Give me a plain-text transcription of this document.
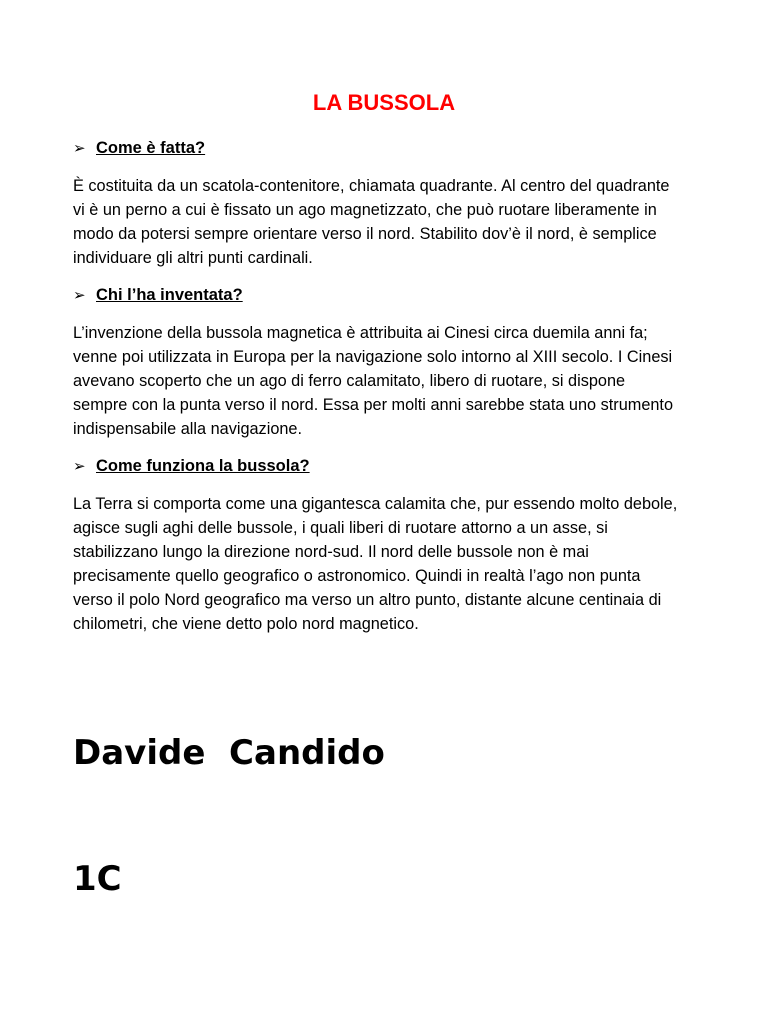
LA BUSSOLA
➢ Come è fatta?
È costituita da un scatola-contenitore, chiamata quadrante. Al centro del quadrante
vi è un perno a cui è fissato un ago magnetizzato, che può ruotare liberamente in
modo da potersi sempre orientare verso il nord. Stabilito dov’è il nord, è semplice
individuare gli altri punti cardinali.
➢ Chi l’ha inventata?
L’invenzione della bussola magnetica è attribuita ai Cinesi circa duemila anni fa;
venne poi utilizzata in Europa per la navigazione solo intorno al XIII secolo. I Cinesi
avevano scoperto che un ago di ferro calamitato, libero di ruotare, si dispone
sempre con la punta verso il nord. Essa per molti anni sarebbe stata uno strumento
indispensabile alla navigazione.
➢ Come funziona la bussola?
La Terra si comporta come una gigantesca calamita che, pur essendo molto debole,
agisce sugli aghi delle bussole, i quali liberi di ruotare attorno a un asse, si
stabilizzano lungo la direzione nord-sud. Il nord delle bussole non è mai
precisamente quello geografico o astronomico. Quindi in realtà l’ago non punta
verso il polo Nord geografico ma verso un altro punto, distante alcune centinaia di
chilometri, che viene detto polo nord magnetico.

Davide  Candido

1C
